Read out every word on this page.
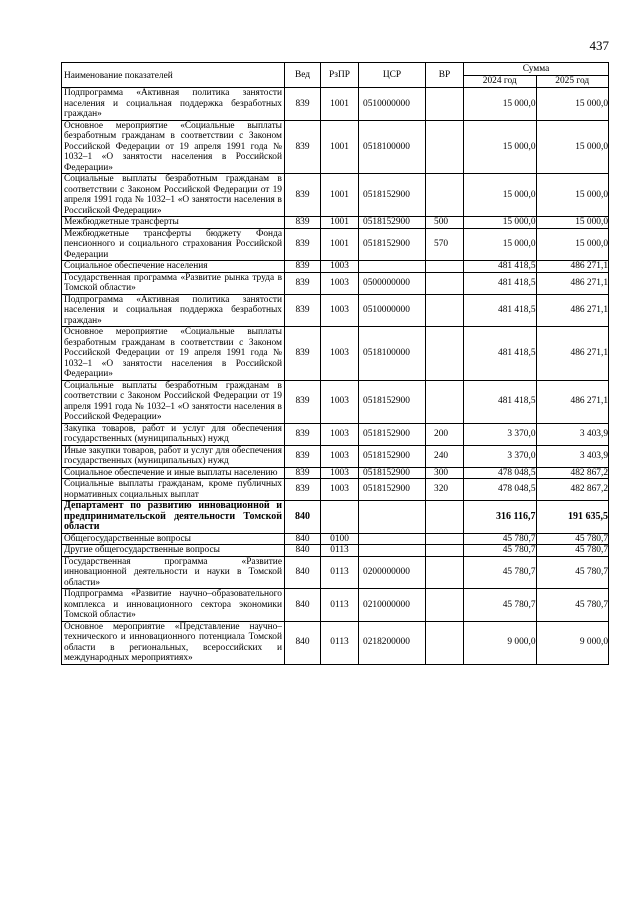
437
Наименование показателей	Вед	РзПР	ЦСР	ВР	Сумма	
					2024 год	2025 год
Подпрограмма «Активная политика занятости населения и социальная поддержка безработных граждан»	839	1001	0510000000		15 000,0	15 000,0
Основное мероприятие «Социальные выплаты безработным гражданам в соответствии с Законом Российской Федерации от 19 апреля 1991 года № 1032–1 «О занятости населения в Российской Федерации»	839	1001	0518100000		15 000,0	15 000,0
Социальные выплаты безработным гражданам в соответствии с Законом Российской Федерации от 19 апреля 1991 года № 1032–1 «О занятости населения в Российской Федерации»	839	1001	0518152900		15 000,0	15 000,0
Межбюджетные трансферты	839	1001	0518152900	500	15 000,0	15 000,0
Межбюджетные трансферты бюджету Фонда пенсионного и социального страхования Российской Федерации	839	1001	0518152900	570	15 000,0	15 000,0
Социальное обеспечение населения	839	1003			481 418,5	486 271,1
Государственная программа «Развитие рынка труда в Томской области»	839	1003	0500000000		481 418,5	486 271,1
Подпрограмма «Активная политика занятости населения и социальная поддержка безработных граждан»	839	1003	0510000000		481 418,5	486 271,1
Основное мероприятие «Социальные выплаты безработным гражданам в соответствии с Законом Российской Федерации от 19 апреля 1991 года № 1032–1 «О занятости населения в Российской Федерации»	839	1003	0518100000		481 418,5	486 271,1
Социальные выплаты безработным гражданам в соответствии с Законом Российской Федерации от 19 апреля 1991 года № 1032–1 «О занятости населения в Российской Федерации»	839	1003	0518152900		481 418,5	486 271,1
Закупка товаров, работ и услуг для обеспечения государственных (муниципальных) нужд	839	1003	0518152900	200	3 370,0	3 403,9
Иные закупки товаров, работ и услуг для обеспечения государственных (муниципальных) нужд	839	1003	0518152900	240	3 370,0	3 403,9
Социальное обеспечение и иные выплаты населению	839	1003	0518152900	300	478 048,5	482 867,2
Социальные выплаты гражданам, кроме публичных нормативных социальных выплат	839	1003	0518152900	320	478 048,5	482 867,2
Департамент по развитию инновационной и предпринимательской деятельности Томской области	840				316 116,7	191 635,5
Общегосударственные вопросы	840	0100			45 780,7	45 780,7
Другие общегосударственные вопросы	840	0113			45 780,7	45 780,7
Государственная программа «Развитие инновационной деятельности и науки в Томской области»	840	0113	0200000000		45 780,7	45 780,7
Подпрограмма «Развитие научно–образовательного комплекса и инновационного сектора экономики Томской области»	840	0113	0210000000		45 780,7	45 780,7
Основное мероприятие «Представление научно–технического и инновационного потенциала Томской области в региональных, всероссийских и международных мероприятиях»	840	0113	0218200000		9 000,0	9 000,0
